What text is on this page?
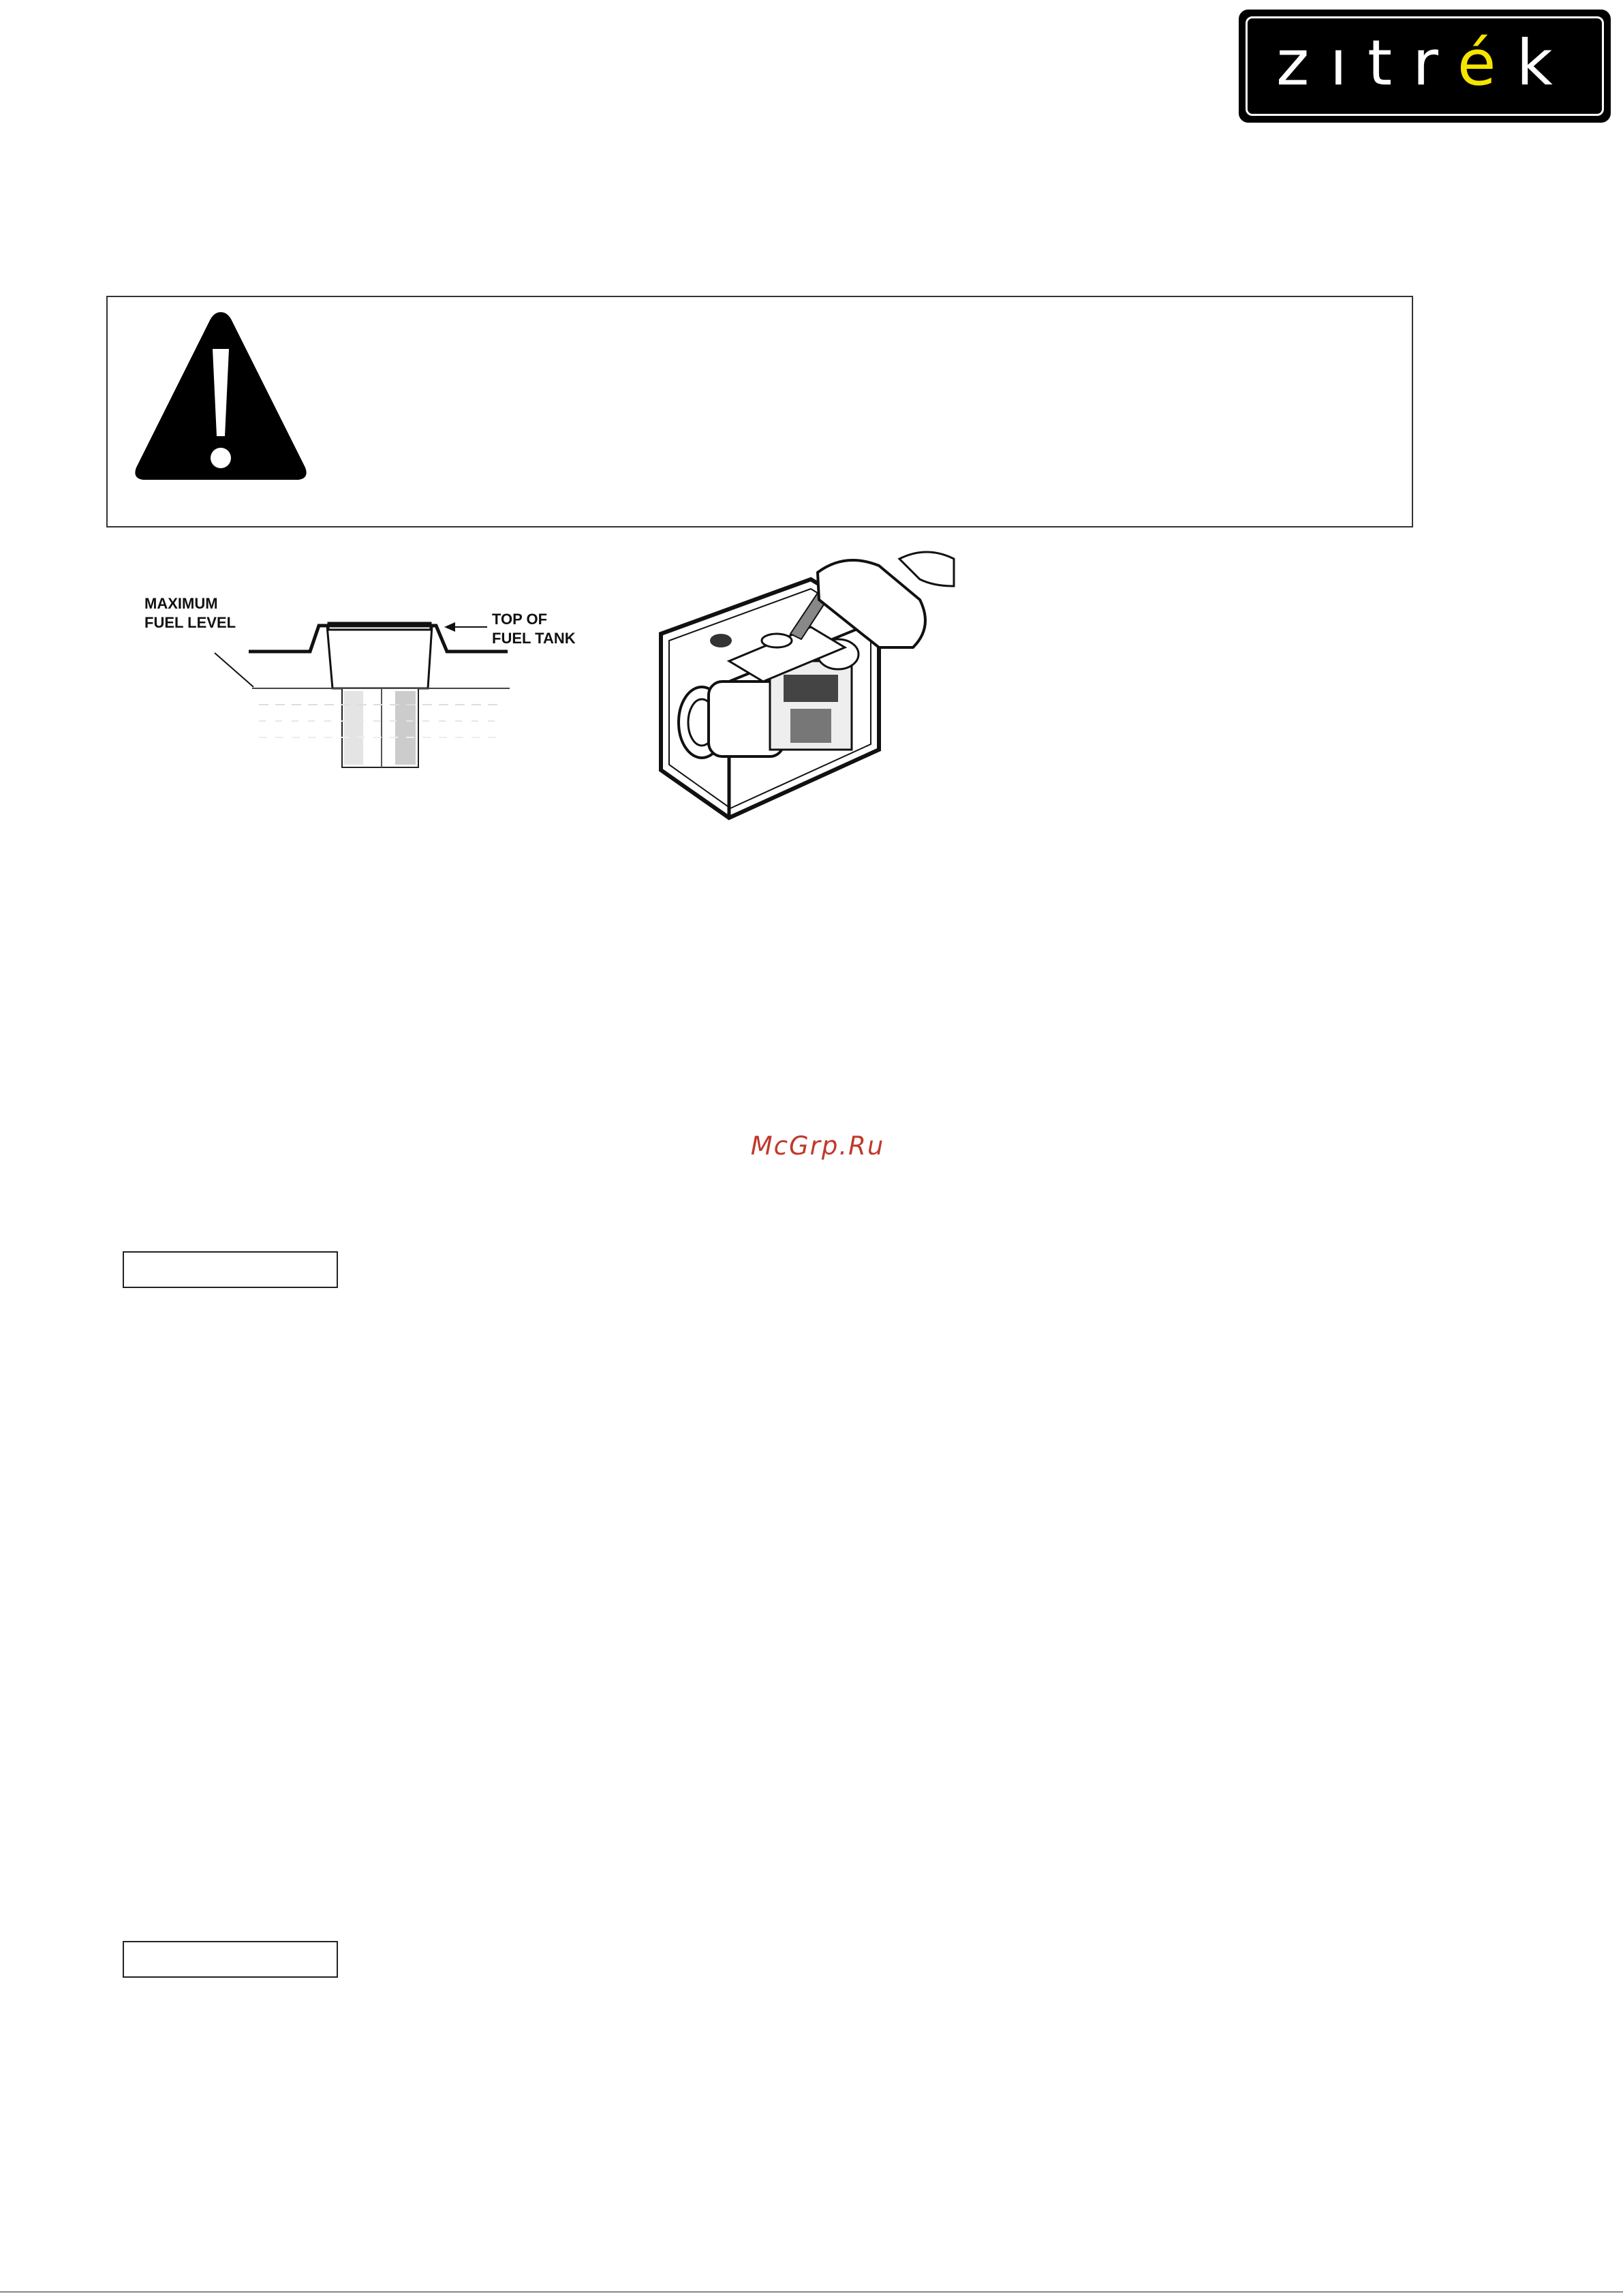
zıtrék
MAXIMUM
FUEL LEVEL	TOP OF
FUEL TANK
McGrp.Ru
